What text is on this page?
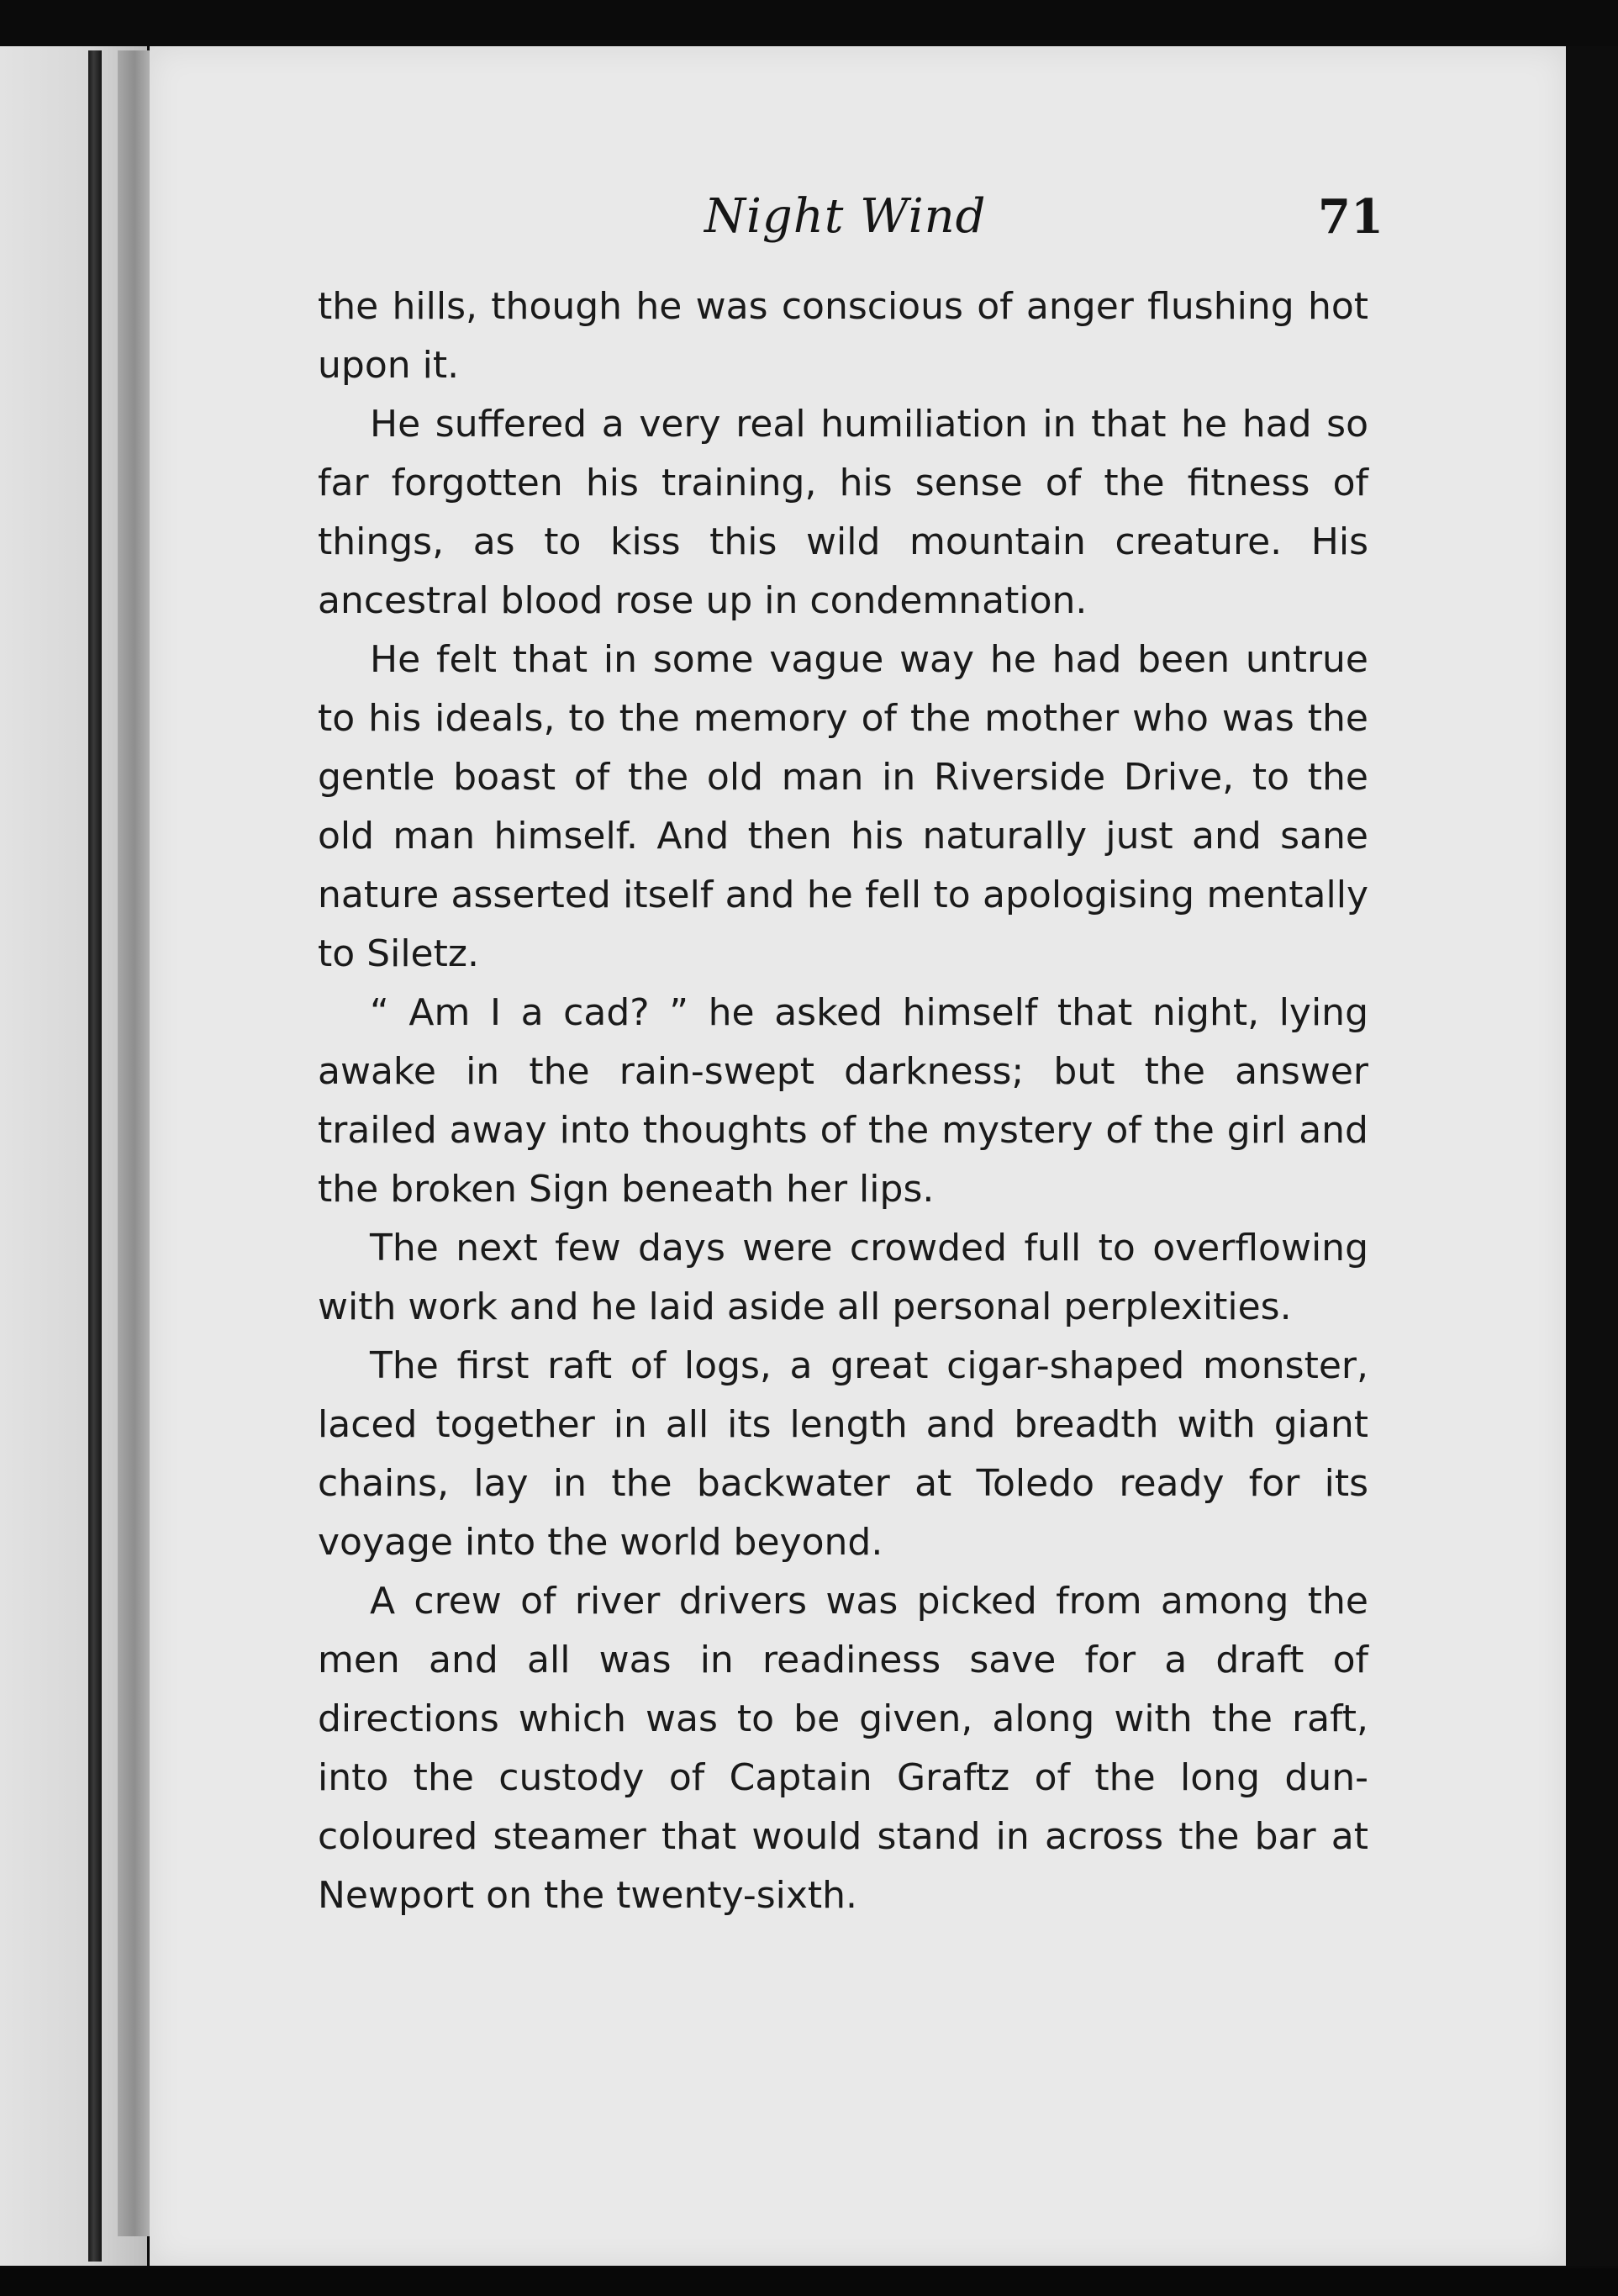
Night Wind	71

the hills, though he was conscious of anger flushing hot upon it.

He suffered a very real humiliation in that he had so far forgotten his training, his sense of the fitness of things, as to kiss this wild mountain creature. His ancestral blood rose up in condemnation.

He felt that in some vague way he had been untrue to his ideals, to the memory of the mother who was the gentle boast of the old man in Riverside Drive, to the old man himself. And then his naturally just and sane nature asserted itself and he fell to apologising mentally to Siletz.

“ Am I a cad? ” he asked himself that night, lying awake in the rain-swept darkness; but the answer trailed away into thoughts of the mystery of the girl and the broken Sign beneath her lips.

The next few days were crowded full to overflowing with work and he laid aside all personal perplexities.

The first raft of logs, a great cigar-shaped monster, laced together in all its length and breadth with giant chains, lay in the backwater at Toledo ready for its voyage into the world beyond.

A crew of river drivers was picked from among the men and all was in readiness save for a draft of directions which was to be given, along with the raft, into the custody of Captain Graftz of the long dun-coloured steamer that would stand in across the bar at Newport on the twenty-sixth.
